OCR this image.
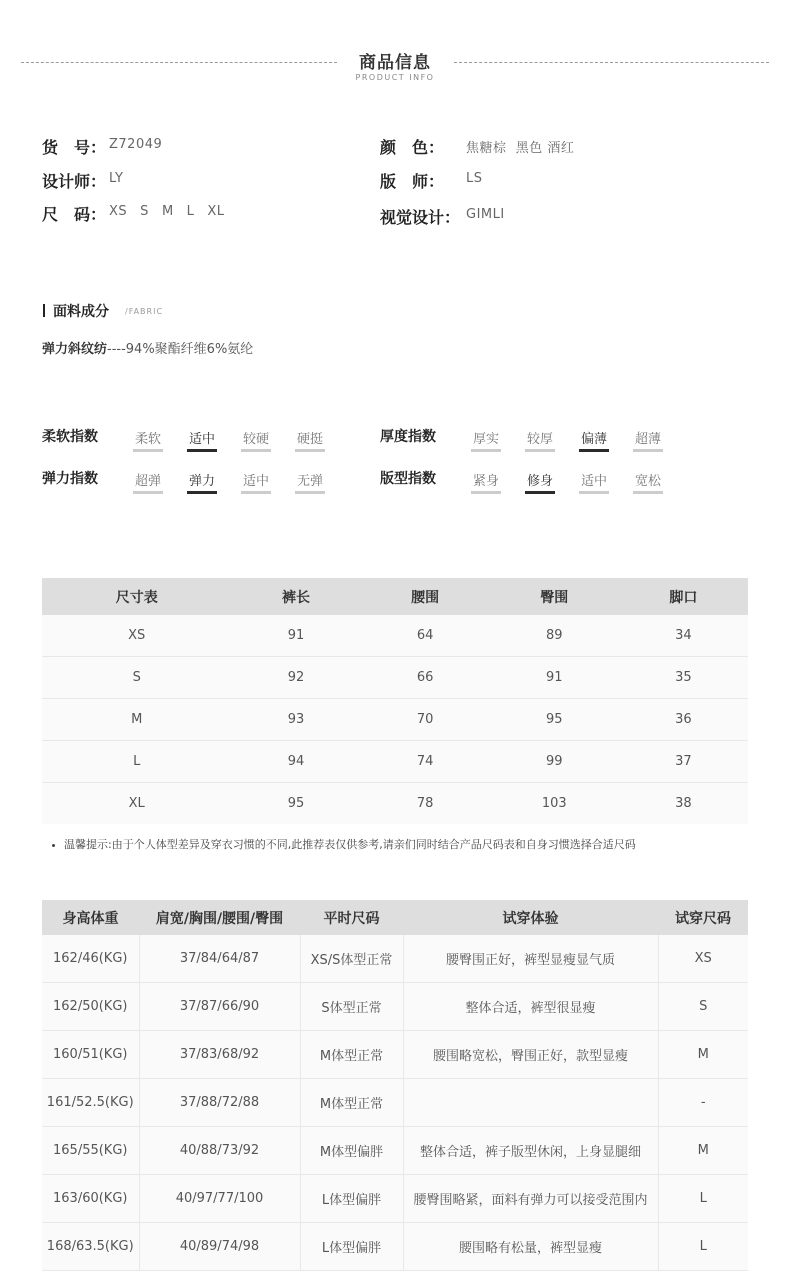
商品信息
PRODUCT INFO
货　号： Z72049
设计师： LY
尺　码： XS S M L XL
颜　色： 焦糖棕  黑色 酒红
版　师： LS
视觉设计： GIMLI
面料成分 /FABRIC
弹力斜纹纺----94%聚酯纤维6%氨纶
柔软指数	柔软 适中 较硬 硬挺	厚度指数	厚实 较厚 偏薄 超薄
弹力指数	超弹 弹力 适中 无弹	版型指数	紧身 修身 适中 宽松
尺寸表	裤长	腰围	臀围	脚口
XS	91	64	89	34
S	92	66	91	35
M	93	70	95	36
L	94	74	99	37
XL	95	78	103	38
温馨提示:由于个人体型差异及穿衣习惯的不同,此推荐表仅供参考,请亲们同时结合产品尺码表和自身习惯选择合适尺码
身高体重	肩宽/胸围/腰围/臀围	平时尺码	试穿体验	试穿尺码
162/46(KG)	37/84/64/87	XS/S体型正常	腰臀围正好，裤型显瘦显气质	XS
162/50(KG)	37/87/66/90	S体型正常	整体合适，裤型很显瘦	S
160/51(KG)	37/83/68/92	M体型正常	腰围略宽松，臀围正好，款型显瘦	M
161/52.5(KG)	37/88/72/88	M体型正常		-
165/55(KG)	40/88/73/92	M体型偏胖	整体合适，裤子版型休闲，上身显腿细	M
163/60(KG)	40/97/77/100	L体型偏胖	腰臀围略紧，面料有弹力可以接受范围内	L
168/63.5(KG)	40/89/74/98	L体型偏胖	腰围略有松量，裤型显瘦	L
